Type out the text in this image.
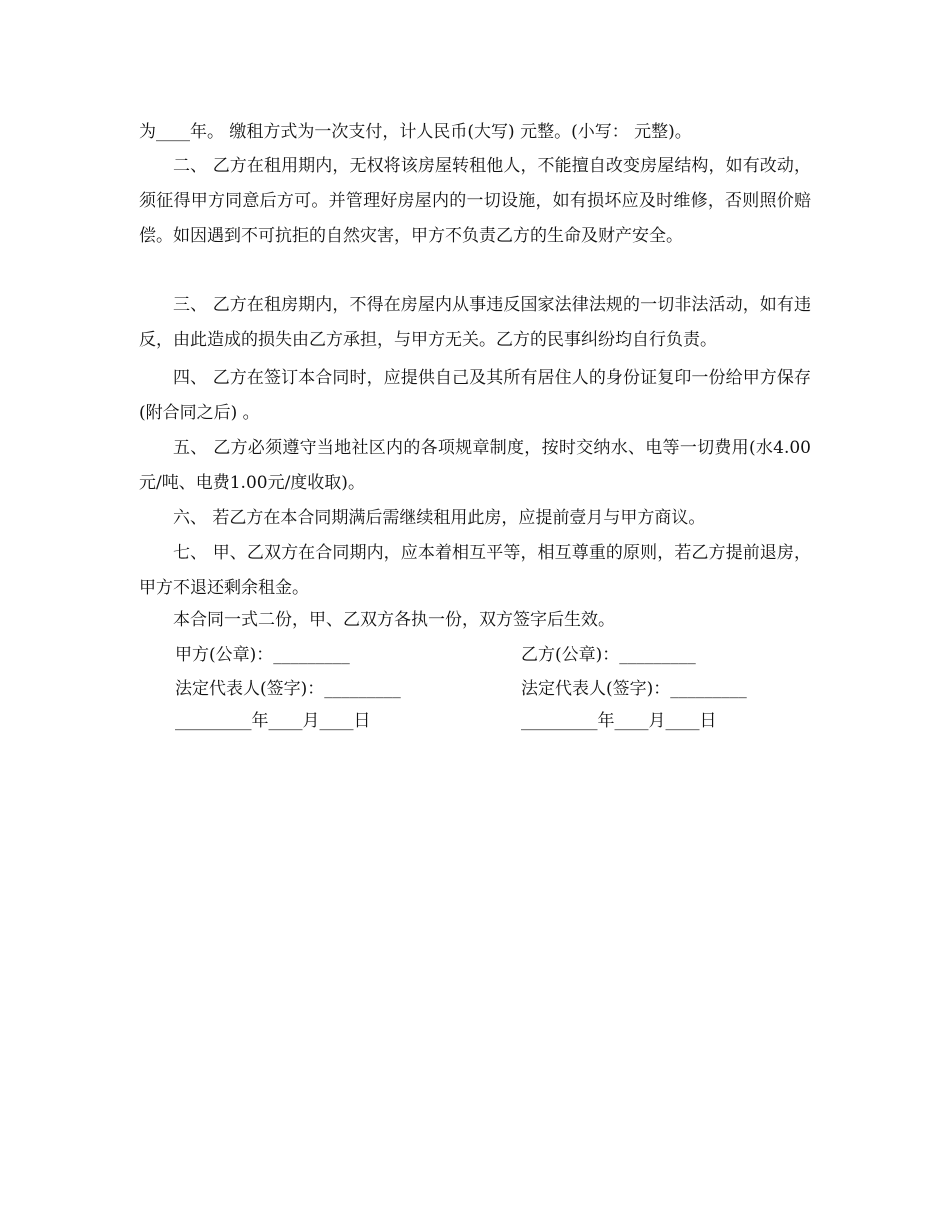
为____年。 缴租方式为一次支付，计人民币(大写) 元整。(小写： 元整)。

二、 乙方在租用期内，无权将该房屋转租他人，不能擅自改变房屋结构，如有改动，须征得甲方同意后方可。并管理好房屋内的一切设施，如有损坏应及时维修，否则照价赔偿。如因遇到不可抗拒的自然灾害，甲方不负责乙方的生命及财产安全。

三、 乙方在租房期内，不得在房屋内从事违反国家法律法规的一切非法活动，如有违反，由此造成的损失由乙方承担，与甲方无关。乙方的民事纠纷均自行负责。

四、 乙方在签订本合同时，应提供自己及其所有居住人的身份证复印一份给甲方保存(附合同之后) 。

五、 乙方必须遵守当地社区内的各项规章制度，按时交纳水、电等一切费用(水4.00元/吨、电费1.00元/度收取)。

六、 若乙方在本合同期满后需继续租用此房，应提前壹月与甲方商议。

七、 甲、乙双方在合同期内，应本着相互平等，相互尊重的原则，若乙方提前退房，甲方不退还剩余租金。

本合同一式二份，甲、乙双方各执一份，双方签字后生效。

甲方(公章)：_________	乙方(公章)：_________
法定代表人(签字)：_________	法定代表人(签字)：_________
_________年____月____日	_________年____月____日
